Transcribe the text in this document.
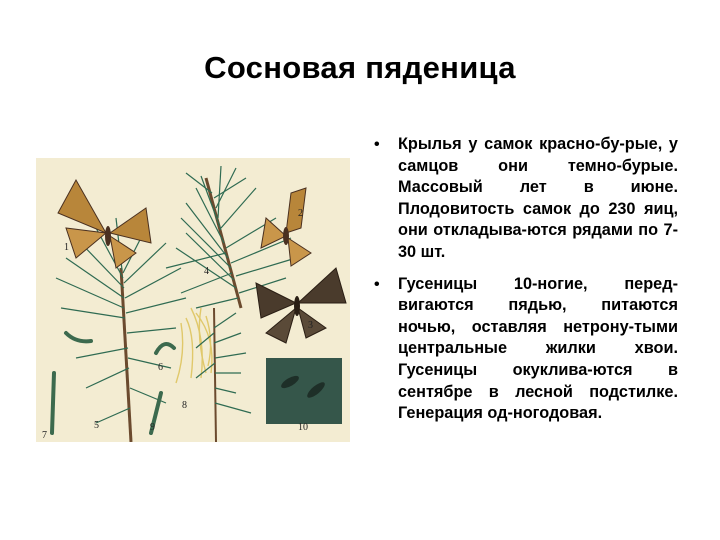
Сосновая пяденица
1
2
3
4
5
6
7
8
9	10
• Крылья у самок красно-бу-рые, у самцов они темно-бурые. Массовый лет в июне. Плодовитость самок до 230 яиц, они откладыва-ются рядами по 7-30 шт.
• Гусеницы 10-ногие, перед-вигаются пядью, питаются ночью, оставляя нетрону-тыми центральные жилки хвои. Гусеницы окуклива-ются в сентябре в лесной подстилке. Генерация од-ногодовая.
